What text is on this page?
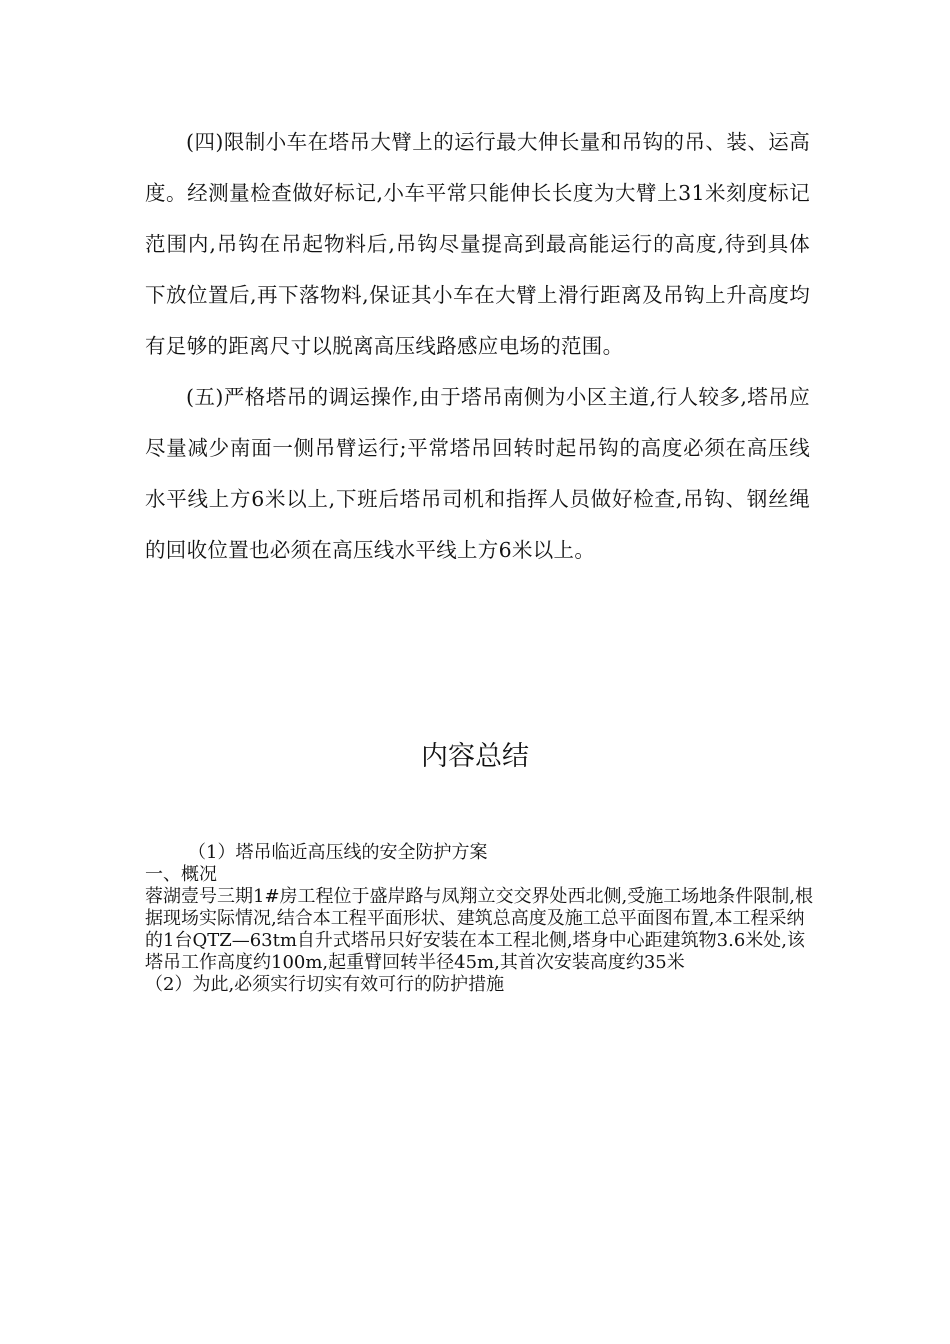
(四)限制小车在塔吊大臂上的运行最大伸长量和吊钩的吊、装、运高度。经测量检查做好标记,小车平常只能伸长长度为大臂上31米刻度标记范围内,吊钩在吊起物料后,吊钩尽量提高到最高能运行的高度,待到具体下放位置后,再下落物料,保证其小车在大臂上滑行距离及吊钩上升高度均有足够的距离尺寸以脱离高压线路感应电场的范围。

(五)严格塔吊的调运操作,由于塔吊南侧为小区主道,行人较多,塔吊应尽量减少南面一侧吊臂运行;平常塔吊回转时起吊钩的高度必须在高压线水平线上方6米以上,下班后塔吊司机和指挥人员做好检查,吊钩、钢丝绳的回收位置也必须在高压线水平线上方6米以上。

内容总结

（1）塔吊临近高压线的安全防护方案

一、概况

蓉湖壹号三期1#房工程位于盛岸路与凤翔立交交界处西北侧,受施工场地条件限制,根据现场实际情况,结合本工程平面形状、建筑总高度及施工总平面图布置,本工程采纳的1台QTZ—63tm自升式塔吊只好安装在本工程北侧,塔身中心距建筑物3.6米处,该塔吊工作高度约100m,起重臂回转半径45m,其首次安装高度约35米

（2）为此,必须实行切实有效可行的防护措施
